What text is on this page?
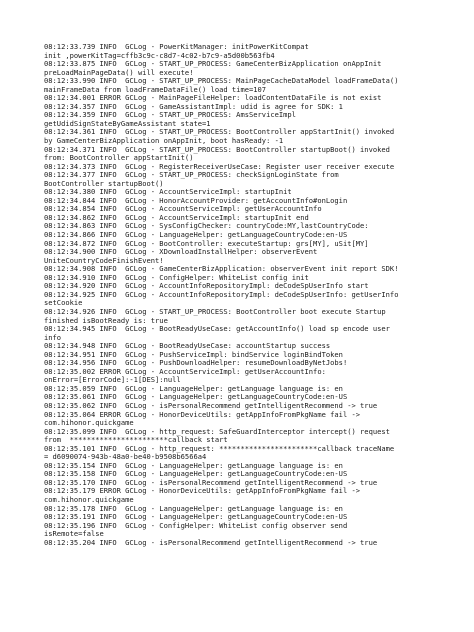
08:12:33.739 INFO  GCLog - PowerKitManager: initPowerKitCompat
init ,powerKitTag=cffb3c9c-c8d7-4c02-b7c9-a5d00b563fb4
08:12:33.875 INFO  GCLog - START_UP_PROCESS: GameCenterBizApplication onAppInit
preLoadMainPageData() will execute!
08:12:33.990 INFO  GCLog - START_UP_PROCESS: MainPageCacheDataModel loadFrameData()
mainFrameData from loadFrameDataFile() load time=107
08:12:34.001 ERROR GCLog - MainPageFileHelper: loadContentDataFile is not exist
08:12:34.357 INFO  GCLog - GameAssistantImpl: udid is agree for SDK: 1
08:12:34.359 INFO  GCLog - START_UP_PROCESS: AmsServiceImpl
getUdidSignStateByGameAssistant state=1
08:12:34.361 INFO  GCLog - START_UP_PROCESS: BootController appStartInit() invoked
by GameCenterBizApplication onAppInit, boot hasReady: -1
08:12:34.371 INFO  GCLog - START_UP_PROCESS: BootController startupBoot() invoked
from: BootController appStartInit()
08:12:34.373 INFO  GCLog - RegisterReceiverUseCase: Register user receiver execute
08:12:34.377 INFO  GCLog - START_UP_PROCESS: checkSignLoginState from
BootController startupBoot()
08:12:34.380 INFO  GCLog - AccountServiceImpl: startupInit
08:12:34.844 INFO  GCLog - HonorAccountProvider: getAccountInfo#onLogin
08:12:34.854 INFO  GCLog - AccountServiceImpl: getUserAccountInfo
08:12:34.862 INFO  GCLog - AccountServiceImpl: startupInit end
08:12:34.863 INFO  GCLog - SysConfigChecker: countryCode:MY,lastCountryCode:
08:12:34.866 INFO  GCLog - LanguageHelper: getLanguageCountryCode:en-US
08:12:34.872 INFO  GCLog - BootController: executeStartup: grs[MY], uSit[MY]
08:12:34.900 INFO  GCLog - XDownloadInstallHelper: observerEvent
UniteCountryCodeFinishEvent!
08:12:34.908 INFO  GCLog - GameCenterBizApplication: observerEvent init report SDK!
08:12:34.910 INFO  GCLog - ConfigHelper: WhiteList config init
08:12:34.920 INFO  GCLog - AccountInfoRepositoryImpl: deCodeSpUserInfo start
08:12:34.925 INFO  GCLog - AccountInfoRepositoryImpl: deCodeSpUserInfo: getUserInfo
setCookie
08:12:34.926 INFO  GCLog - START_UP_PROCESS: BootController boot execute Startup
finished isBootReady is: true
08:12:34.945 INFO  GCLog - BootReadyUseCase: getAccountInfo() load sp encode user
info
08:12:34.948 INFO  GCLog - BootReadyUseCase: accountStartup success
08:12:34.951 INFO  GCLog - PushServiceImpl: bindService loginBindToken
08:12:34.956 INFO  GCLog - PushDownloadHelper: resumeDownloadByNetJobs!
08:12:35.002 ERROR GCLog - AccountServiceImpl: getUserAccountInfo:
onError=[ErrorCode]:-1[DES]:null
08:12:35.059 INFO  GCLog - LanguageHelper: getLanguage language is: en
08:12:35.061 INFO  GCLog - LanguageHelper: getLanguageCountryCode:en-US
08:12:35.062 INFO  GCLog - isPersonalRecommend getIntelligentRecommend -> true
08:12:35.064 ERROR GCLog - HonorDeviceUtils: getAppInfoFromPkgName fail ->
com.hihonor.quickgame
08:12:35.099 INFO  GCLog - http_request: SafeGuardInterceptor intercept() request
from  ***********************callback start
08:12:35.101 INFO  GCLog - http_request: ***********************callback traceName
= d6090074-943b-48a0-be40-b9508b6566a4
08:12:35.154 INFO  GCLog - LanguageHelper: getLanguage language is: en
08:12:35.158 INFO  GCLog - LanguageHelper: getLanguageCountryCode:en-US
08:12:35.170 INFO  GCLog - isPersonalRecommend getIntelligentRecommend -> true
08:12:35.179 ERROR GCLog - HonorDeviceUtils: getAppInfoFromPkgName fail ->
com.hihonor.quickgame
08:12:35.178 INFO  GCLog - LanguageHelper: getLanguage language is: en
08:12:35.191 INFO  GCLog - LanguageHelper: getLanguageCountryCode:en-US
08:12:35.196 INFO  GCLog - ConfigHelper: WhiteList config observer send
isRemote=false
08:12:35.204 INFO  GCLog - isPersonalRecommend getIntelligentRecommend -> true
